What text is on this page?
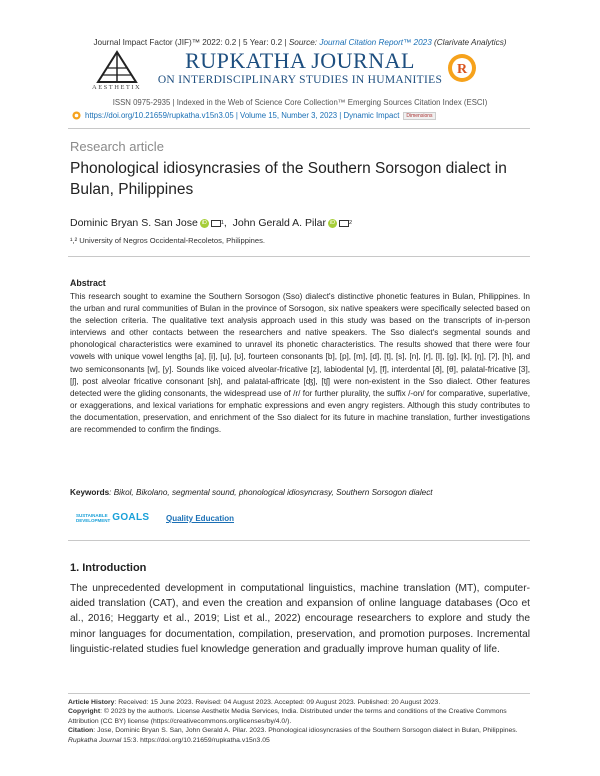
Journal Impact Factor (JIF)™ 2022: 0.2 | 5 Year: 0.2 | Source: Journal Citation Report™ 2023 (Clarivate Analytics)
AESTHETIX
RUPKATHA JOURNAL
ON INTERDISCIPLINARY STUDIES IN HUMANITIES
R
ISSN 0975-2935 | Indexed in the Web of Science Core Collection™ Emerging Sources Citation Index (ESCI)
https://doi.org/10.21659/rupkatha.v15n3.05 | Volume 15, Number 3, 2023 | Dynamic Impact	Dimensions
Research article
Phonological idiosyncrasies of the Southern Sorsogon dialect in Bulan, Philippines
Dominic Bryan S. San Jose iD	1 , John Gerald A. Pilar iD	2
¹,² University of Negros Occidental-Recoletos, Philippines.
Abstract
This research sought to examine the Southern Sorsogon (Sso) dialect's distinctive phonetic features in Bulan, Philippines. In the urban and rural communities of Bulan in the province of Sorsogon, six native speakers were specifically selected based on the selection criteria. The qualitative text analysis approach used in this study was based on the transcripts of in-person interviews and other contacts between the researchers and native speakers. The Sso dialect's segmental sounds and phonological characteristics were examined to unravel its phonetic characteristics. The results showed that there were four vowels with unique vowel lengths [a], [i], [u], [ʊ], fourteen consonants [b], [p], [m], [d], [t], [s], [n], [r], [l], [g], [k], [ŋ], [ʔ], [h], and two semiconsonants [w], [y]. Sounds like voiced alveolar-fricative [z], labiodental [v], [f], interdental [ð], [θ], palatal-fricative [3], [ʃ], post alveolar fricative consonant [sh], and palatal-affricate [ʤ], [tʃ] were non-existent in the Sso dialect. Other features detected were the gliding consonants, the widespread use of /r/ for further plurality, the suffix /-on/ for comparative, superlative, or exaggerations, and lexical variations for emphatic expressions and even angry registers. Although this study contributes to the documentation, preservation, and enrichment of the Sso dialect for its future in machine translation, further investigations are recommended to confirm the findings.
Keywords: Bikol, Bikolano, segmental sound, phonological idiosyncrasy, Southern Sorsogon dialect
SUSTAINABLE
DEVELOPMENT GOALS Quality Education
1. Introduction
The unprecedented development in computational linguistics, machine translation (MT), computer-aided translation (CAT), and even the creation and expansion of online language databases (Oco et al., 2016; Heggarty et al., 2019; List et al., 2022) encourage researchers to explore and study the minor languages for documentation, compilation, preservation, and promotion purposes. Incremental linguistic-related studies fuel knowledge generation and gradually improve human quality of life.
Article History: Received: 15 June 2023. Revised: 04 August 2023. Accepted: 09 August 2023. Published: 20 August 2023.
Copyright: © 2023 by the author/s. License Aesthetix Media Services, India. Distributed under the terms and conditions of the Creative Commons Attribution (CC BY) license (https://creativecommons.org/licenses/by/4.0/).
Citation: Jose, Dominic Bryan S. San, John Gerald A. Pilar. 2023. Phonological idiosyncrasies of the Southern Sorsogon dialect in Bulan, Philippines. Rupkatha Journal 15:3. https://doi.org/10.21659/rupkatha.v15n3.05
